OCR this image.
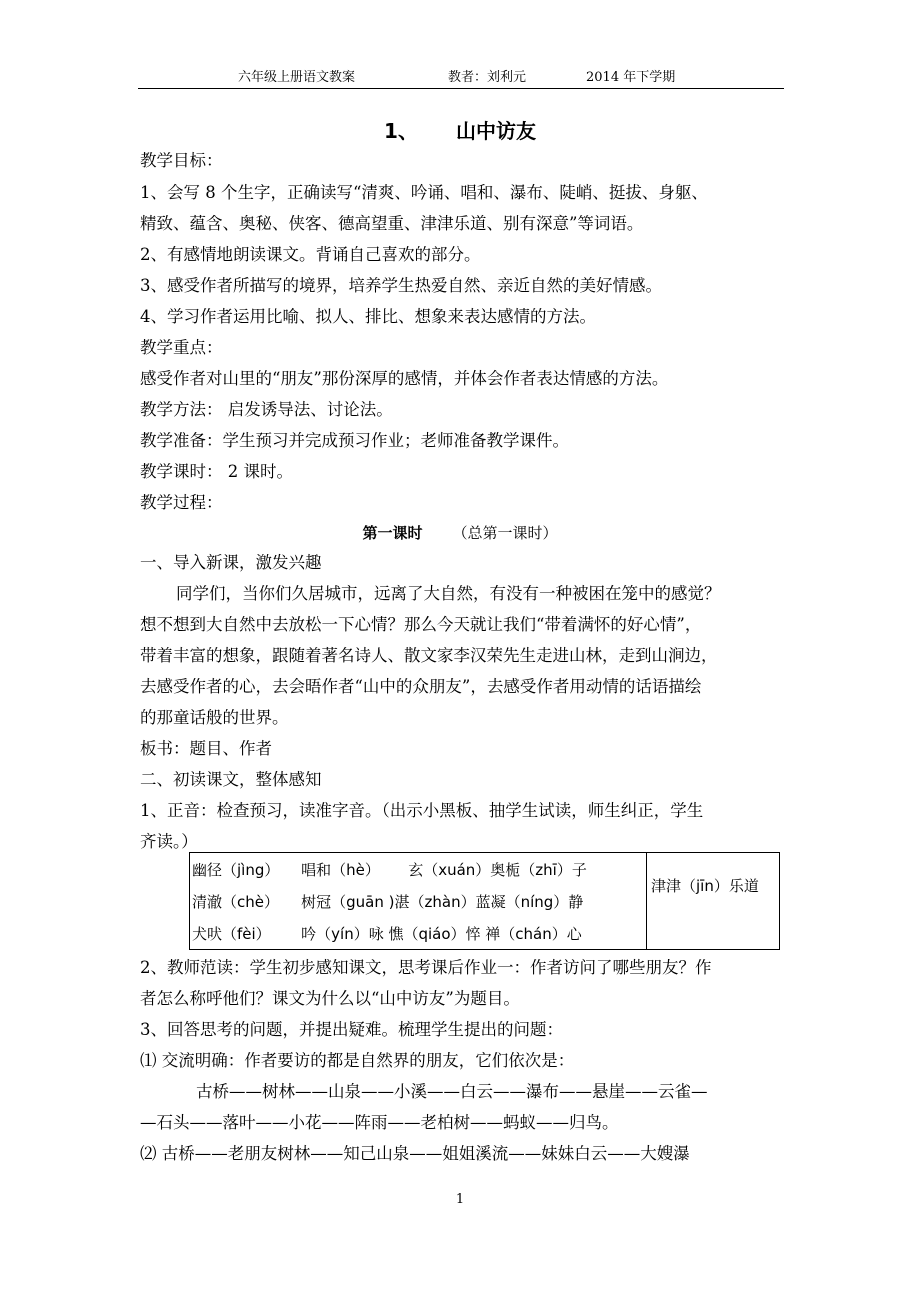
六年级上册语文教案	教者：刘利元	2014 年下学期
1、 山中访友
教学目标：
1、会写 8 个生字，正确读写“清爽、吟诵、唱和、瀑布、陡峭、挺拔、身躯、
精致、蕴含、奥秘、侠客、德高望重、津津乐道、别有深意”等词语。
2、有感情地朗读课文。背诵自己喜欢的部分。
3、感受作者所描写的境界，培养学生热爱自然、亲近自然的美好情感。
4、学习作者运用比喻、拟人、排比、想象来表达感情的方法。
教学重点：
感受作者对山里的“朋友”那份深厚的感情，并体会作者表达情感的方法。
教学方法： 启发诱导法、讨论法。
教学准备：学生预习并完成预习作业；老师准备教学课件。
教学课时： 2 课时。
教学过程：
第一课时 （总第一课时）
一、导入新课，激发兴趣
同学们，当你们久居城市，远离了大自然，有没有一种被困在笼中的感觉？
想不想到大自然中去放松一下心情？那么今天就让我们“带着满怀的好心情”，
带着丰富的想象，跟随着著名诗人、散文家李汉荣先生走进山林，走到山涧边，
去感受作者的心，去会晤作者“山中的众朋友”，去感受作者用动情的话语描绘
的那童话般的世界。
板书：题目、作者
二、初读课文，整体感知
1、正音：检查预习，读准字音。（出示小黑板、抽学生试读，师生纠正，学生
齐读。）
幽径（jìng）	唱和（hè）	玄（xuán）奥栀（zhī）子	津津（jīn）乐道
清澈（chè）	树冠（guān )湛（zhàn）蓝凝（níng）静		
犬吠（fèi）	吟（yín）咏 憔（qiáo）悴 禅（chán）心		
2、教师范读：学生初步感知课文，思考课后作业一：作者访问了哪些朋友？作
者怎么称呼他们？课文为什么以“山中访友”为题目。
3、回答思考的问题，并提出疑难。梳理学生提出的问题：
⑴ 交流明确：作者要访的都是自然界的朋友，它们依次是：
古桥——树林——山泉——小溪——白云——瀑布——悬崖——云雀—
—石头——落叶——小花——阵雨——老柏树——蚂蚁——归鸟。
⑵ 古桥——老朋友树林——知己山泉——姐姐溪流——妹妹白云——大嫂瀑
1
